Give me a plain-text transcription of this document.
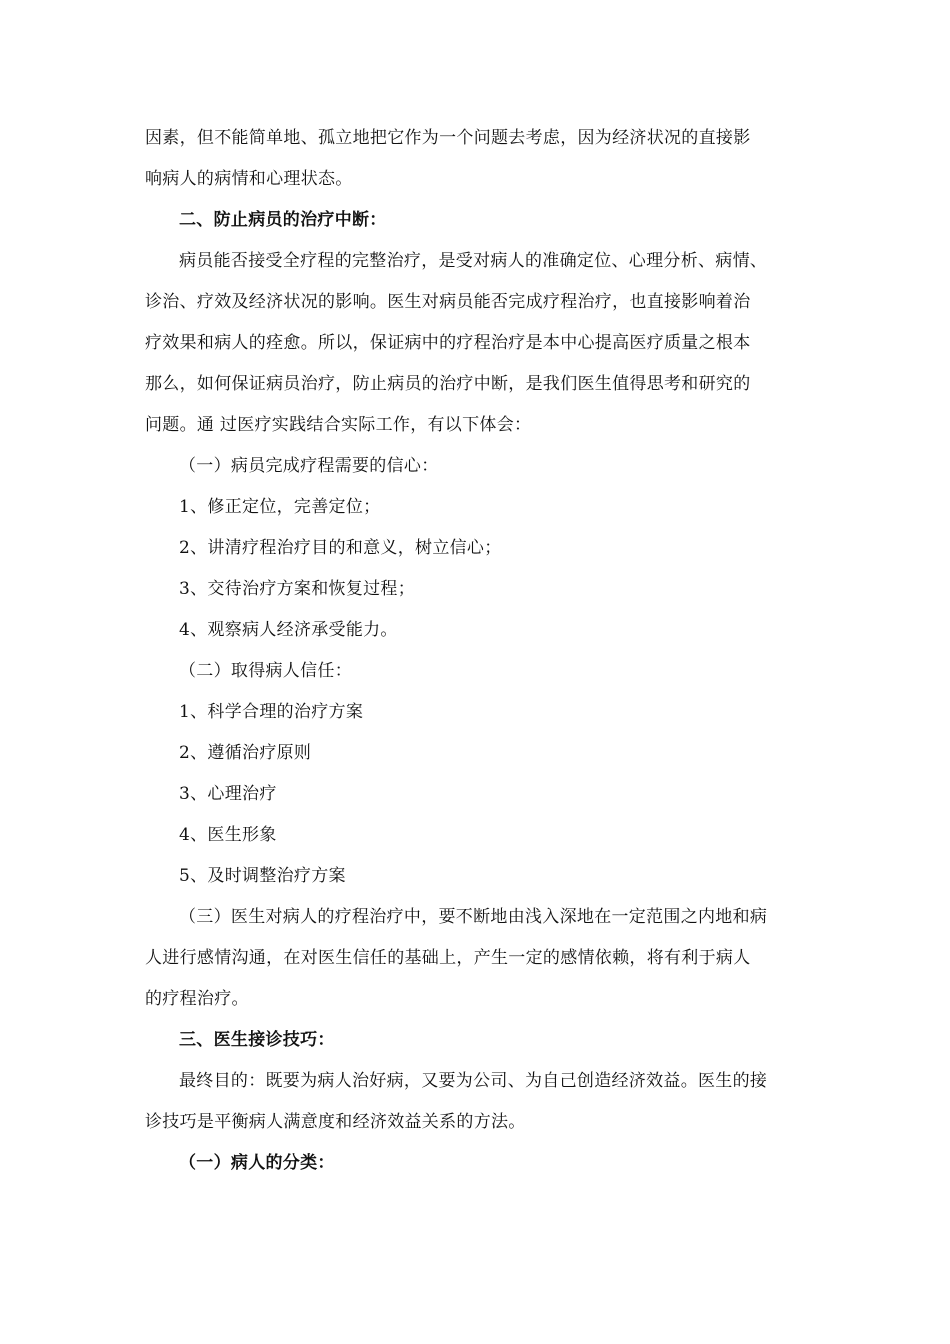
因素，但不能简单地、孤立地把它作为一个问题去考虑，因为经济状况的直接影
响病人的病情和心理状态。
二、防止病员的治疗中断：
病员能否接受全疗程的完整治疗，是受对病人的准确定位、心理分析、病情、
诊治、疗效及经济状况的影响。医生对病员能否完成疗程治疗，也直接影响着治
疗效果和病人的痊愈。所以，保证病中的疗程治疗是本中心提高医疗质量之根本
那么，如何保证病员治疗，防止病员的治疗中断，是我们医生值得思考和研究的
问题。通 过医疗实践结合实际工作，有以下体会：
（一）病员完成疗程需要的信心：
1、修正定位，完善定位；
2、讲清疗程治疗目的和意义，树立信心；
3、交待治疗方案和恢复过程；
4、观察病人经济承受能力。
（二）取得病人信任：
1、科学合理的治疗方案
2、遵循治疗原则
3、心理治疗
4、医生形象
5、及时调整治疗方案
（三）医生对病人的疗程治疗中，要不断地由浅入深地在一定范围之内地和病
人进行感情沟通，在对医生信任的基础上，产生一定的感情依赖，将有利于病人
的疗程治疗。
三、医生接诊技巧：
最终目的：既要为病人治好病，又要为公司、为自己创造经济效益。医生的接
诊技巧是平衡病人满意度和经济效益关系的方法。
（一）病人的分类：
